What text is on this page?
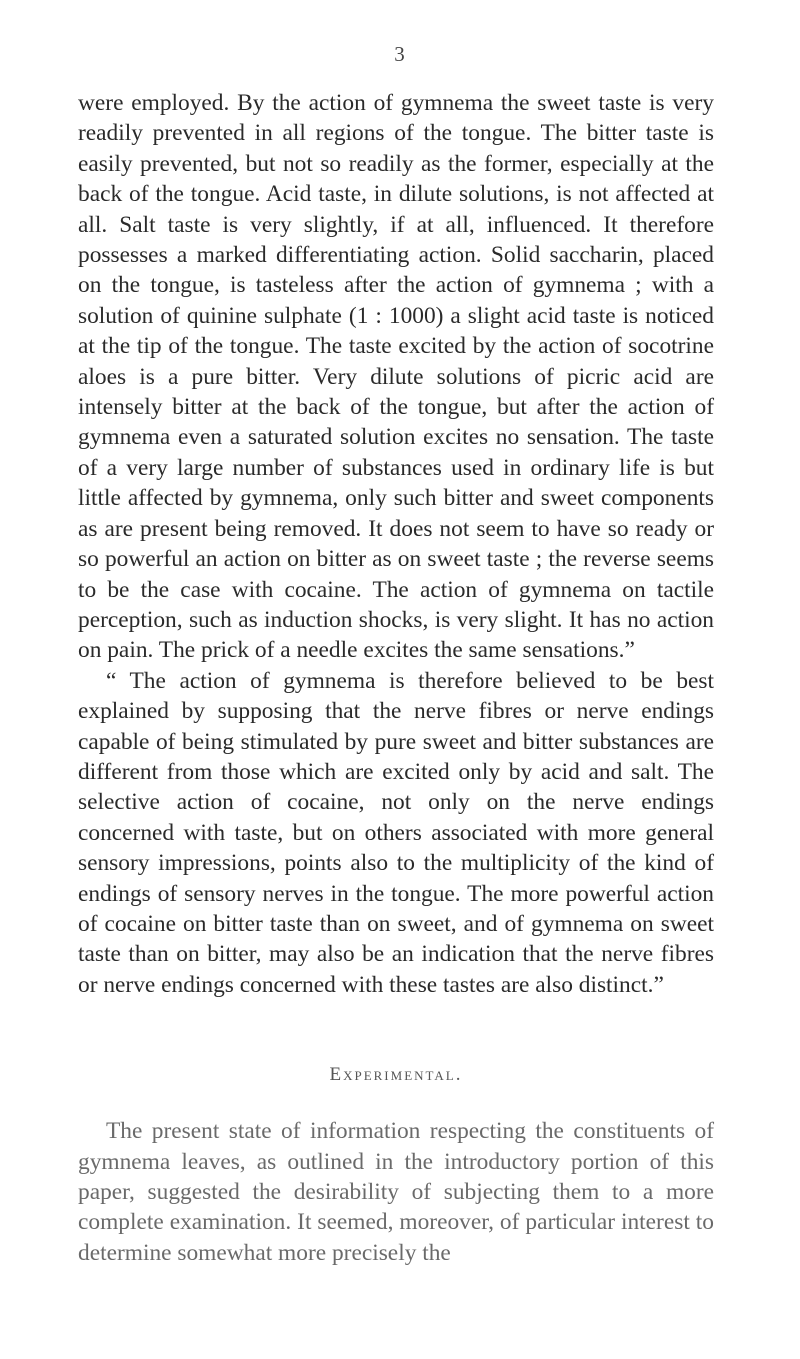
3

were employed. By the action of gymnema the sweet taste is very readily prevented in all regions of the tongue. The bitter taste is easily prevented, but not so readily as the former, especially at the back of the tongue. Acid taste, in dilute solutions, is not affected at all. Salt taste is very slightly, if at all, influenced. It therefore possesses a marked differentiating action. Solid saccharin, placed on the tongue, is tasteless after the action of gymnema ; with a solution of quinine sulphate (1 : 1000) a slight acid taste is noticed at the tip of the tongue. The taste excited by the action of socotrine aloes is a pure bitter. Very dilute solutions of picric acid are intensely bitter at the back of the tongue, but after the action of gymnema even a saturated solution excites no sensation. The taste of a very large number of substances used in ordinary life is but little affected by gymnema, only such bitter and sweet components as are present being removed. It does not seem to have so ready or so powerful an action on bitter as on sweet taste ; the reverse seems to be the case with cocaine. The action of gymnema on tactile perception, such as induction shocks, is very slight. It has no action on pain. The prick of a needle excites the same sensations.”

“ The action of gymnema is therefore believed to be best explained by supposing that the nerve fibres or nerve endings capable of being stimulated by pure sweet and bitter substances are different from those which are excited only by acid and salt. The selective action of cocaine, not only on the nerve endings concerned with taste, but on others associated with more general sensory impressions, points also to the multiplicity of the kind of endings of sensory nerves in the tongue. The more powerful action of cocaine on bitter taste than on sweet, and of gymnema on sweet taste than on bitter, may also be an indication that the nerve fibres or nerve endings concerned with these tastes are also distinct.”

Experimental.

The present state of information respecting the constituents of gymnema leaves, as outlined in the introductory portion of this paper, suggested the desirability of subjecting them to a more complete examination. It seemed, moreover, of particular interest to determine somewhat more precisely the
